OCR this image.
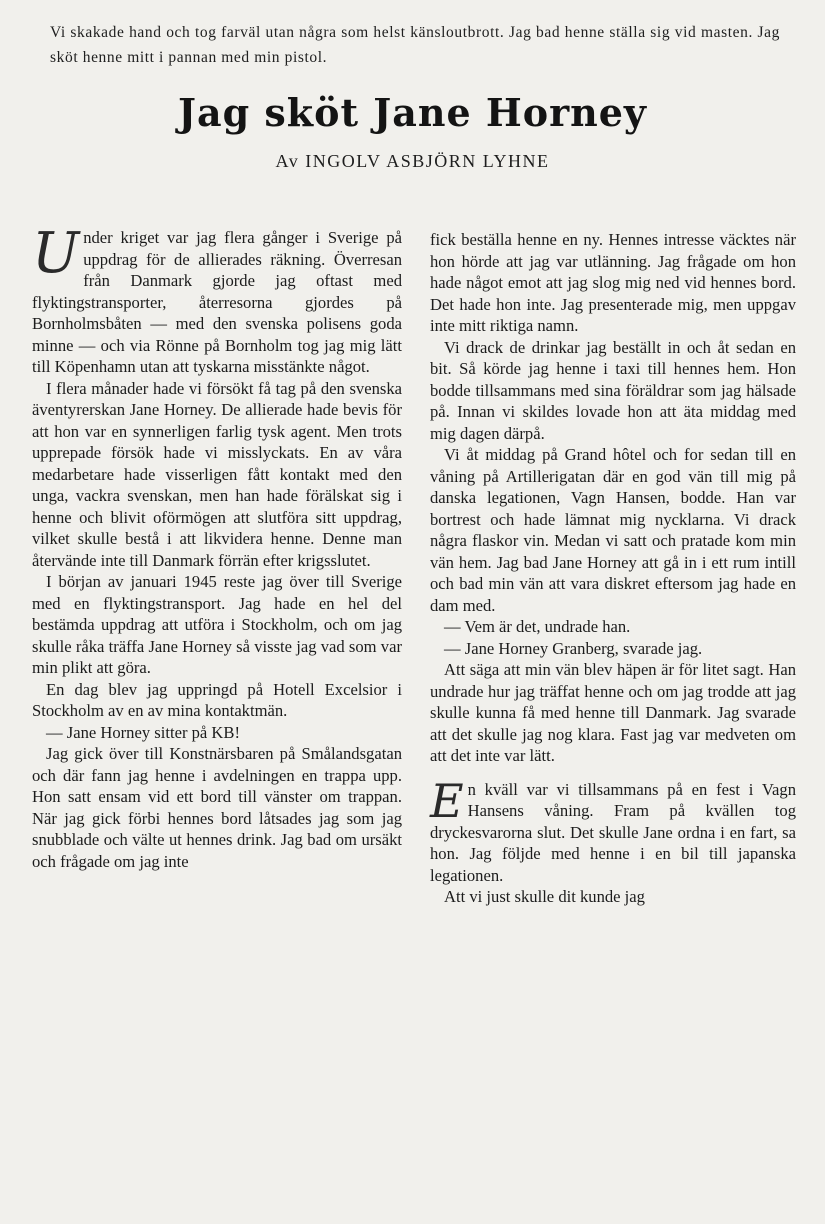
Vi skakade hand och tog farväl utan några som helst känsloutbrott. Jag bad henne ställa sig vid masten. Jag sköt henne mitt i pannan med min pistol.
Jag sköt Jane Horney
Av INGOLV ASBJÖRN LYHNE

Under kriget var jag flera gånger i Sverige på uppdrag för de allierades räkning. Överresan från Danmark gjorde jag oftast med flyktingstransporter, återresorna gjordes på Bornholmsbåten — med den svenska polisens goda minne — och via Rönne på Bornholm tog jag mig lätt till Köpenhamn utan att tyskarna misstänkte något.

I flera månader hade vi försökt få tag på den svenska äventyrerskan Jane Horney. De allierade hade bevis för att hon var en synnerligen farlig tysk agent. Men trots upprepade försök hade vi misslyckats. En av våra medarbetare hade visserligen fått kontakt med den unga, vackra svenskan, men han hade förälskat sig i henne och blivit oförmögen att slutföra sitt uppdrag, vilket skulle bestå i att likvidera henne. Denne man återvände inte till Danmark förrän efter krigsslutet.

I början av januari 1945 reste jag över till Sverige med en flyktingstransport. Jag hade en hel del bestämda uppdrag att utföra i Stockholm, och om jag skulle råka träffa Jane Horney så visste jag vad som var min plikt att göra.

En dag blev jag uppringd på Hotell Excelsior i Stockholm av en av mina kontaktmän.

— Jane Horney sitter på KB!

Jag gick över till Konstnärsbaren på Smålandsgatan och där fann jag henne i avdelningen en trappa upp. Hon satt ensam vid ett bord till vänster om trappan. När jag gick förbi hennes bord låtsades jag som jag snubblade och välte ut hennes drink. Jag bad om ursäkt och frågade om jag inte

fick beställa henne en ny. Hennes intresse väcktes när hon hörde att jag var utlänning. Jag frågade om hon hade något emot att jag slog mig ned vid hennes bord. Det hade hon inte. Jag presenterade mig, men uppgav inte mitt riktiga namn.

Vi drack de drinkar jag beställt in och åt sedan en bit. Så körde jag henne i taxi till hennes hem. Hon bodde tillsammans med sina föräldrar som jag hälsade på. Innan vi skildes lovade hon att äta middag med mig dagen därpå.

Vi åt middag på Grand hôtel och for sedan till en våning på Artillerigatan där en god vän till mig på danska legationen, Vagn Hansen, bodde. Han var bortrest och hade lämnat mig nycklarna. Vi drack några flaskor vin. Medan vi satt och pratade kom min vän hem. Jag bad Jane Horney att gå in i ett rum intill och bad min vän att vara diskret eftersom jag hade en dam med.

— Vem är det, undrade han.

— Jane Horney Granberg, svarade jag.

Att säga att min vän blev häpen är för litet sagt. Han undrade hur jag träffat henne och om jag trodde att jag skulle kunna få med henne till Danmark. Jag svarade att det skulle jag nog klara. Fast jag var medveten om att det inte var lätt.

En kväll var vi tillsammans på en fest i Vagn Hansens våning. Fram på kvällen tog dryckesvarorna slut. Det skulle Jane ordna i en fart, sa hon. Jag följde med henne i en bil till japanska legationen.

Att vi just skulle dit kunde jag
